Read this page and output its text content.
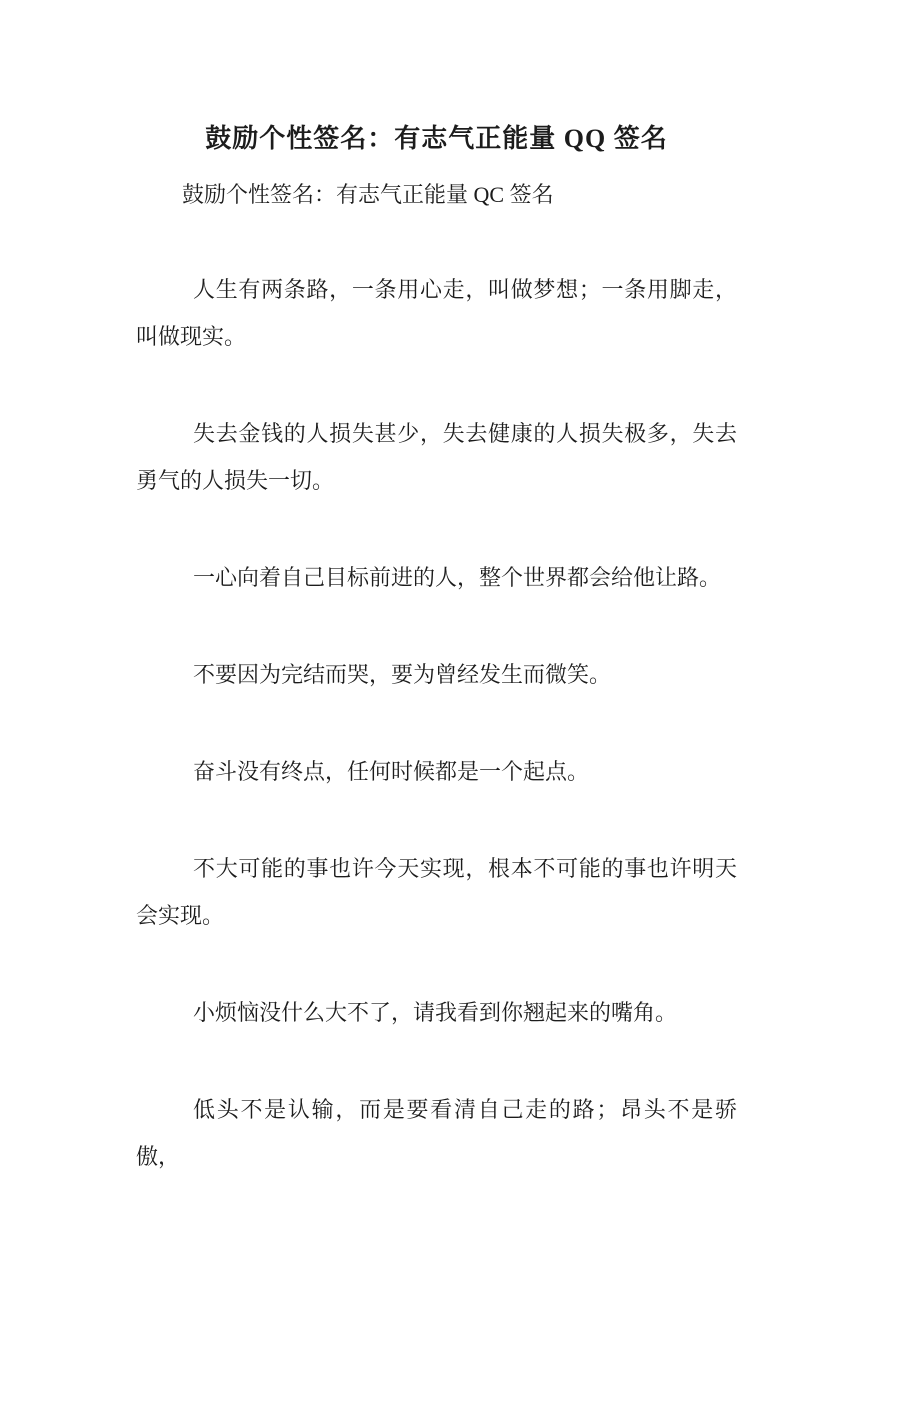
鼓励个性签名：有志气正能量 QQ 签名

鼓励个性签名：有志气正能量 QC 签名

人生有两条路，一条用心走，叫做梦想；一条用脚走，叫做现实。

失去金钱的人损失甚少，失去健康的人损失极多，失去勇气的人损失一切。

一心向着自己目标前进的人，整个世界都会给他让路。

不要因为完结而哭，要为曾经发生而微笑。

奋斗没有终点，任何时候都是一个起点。

不大可能的事也许今天实现，根本不可能的事也许明天会实现。

小烦恼没什么大不了，请我看到你翘起来的嘴角。

低头不是认输，而是要看清自己走的路；昂头不是骄傲，
